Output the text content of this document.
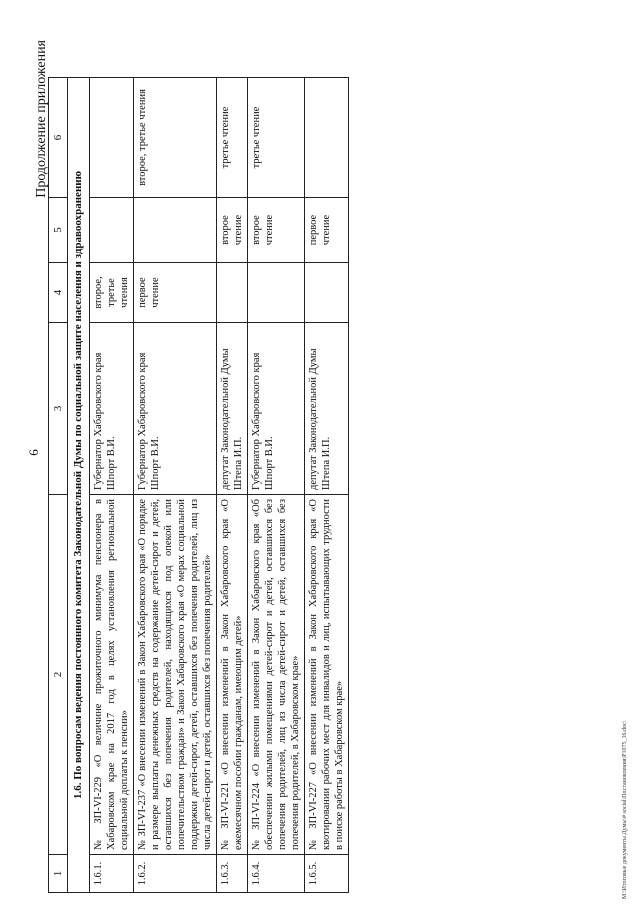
6
Продолжение приложения
1	2	3	4	5	6
1.6. По вопросам ведения постоянного комитета Законодательной Думы по социальной защите населения и здравоохранению					
1.6.1.	№ ЗП-VI-229 «О величине прожиточного минимума пенсионера в Хабаровском крае на 2017 год в целях установления региональной социальной доплаты к пенсии»	Губернатор Хабаровского края Шпорт В.И.	второе, третье чтения		
1.6.2.	№ ЗП-VI-237 «О внесении изменений в Закон Хабаровского края «О порядке и размере выплаты денежных средств на содержание детей-сирот и детей, оставшихся без попечения родителей, находящихся под опекой или попечительством граждан» и Закон Хабаровского края «О мерах социальной поддержки детей-сирот, детей, оставшихся без попечения родителей, лиц из числа детей-сирот и детей, оставшихся без попечения родителей»	Губернатор Хабаровского края Шпорт В.И.	первое чтение		второе, третье чтения
1.6.3.	№ ЗП-VI-221 «О внесении изменений в Закон Хабаровского края «О ежемесячном пособии гражданам, имеющим детей»	депутат Законодательной Думы Штепа И.П.		второе чтение	третье чтение
1.6.4.	№ ЗП-VI-224 «О внесении изменений в Закон Хабаровского края «Об обеспечении жилыми помещениями детей-сирот и детей, оставшихся без попечения родителей, лиц из числа детей-сирот и детей, оставшихся без попечения родителей, в Хабаровском крае»	Губернатор Хабаровского края Шпорт В.И.		второе чтение	третье чтение
1.6.5.	№ ЗП-VI-227 «О внесении изменений в Закон Хабаровского края «О квотировании рабочих мест для инвалидов и лиц, испытывающих трудности в поиске работы в Хабаровском крае»	депутат Законодательной Думы Штепа И.П.		первое чтение	
M:\Итоговые документы Думы\# social\Постановления\P1075_16.doc\
